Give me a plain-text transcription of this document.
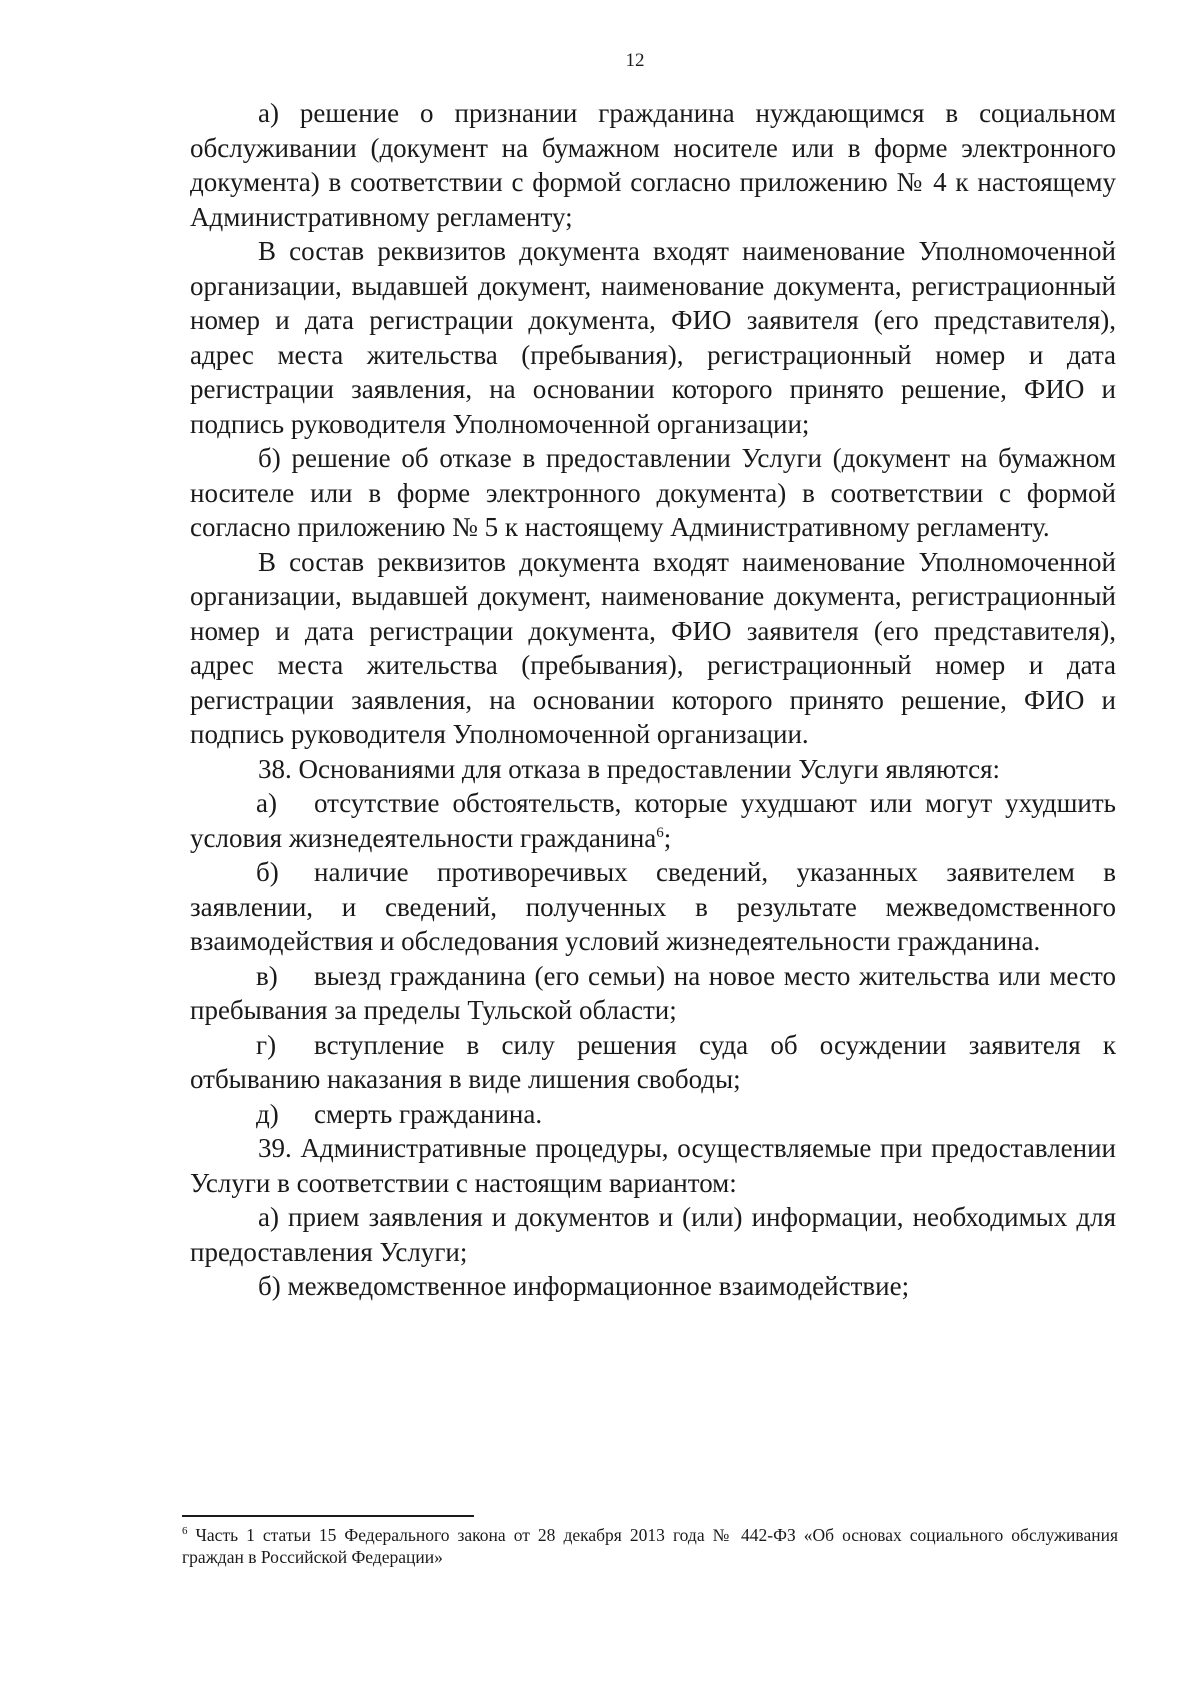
12

а) решение о признании гражданина нуждающимся в социальном обслуживании (документ на бумажном носителе или в форме электронного документа) в соответствии с формой согласно приложению № 4 к настоящему Административному регламенту;

В состав реквизитов документа входят наименование Уполномоченной организации, выдавшей документ, наименование документа, регистрационный номер и дата регистрации документа, ФИО заявителя (его представителя), адрес места жительства (пребывания), регистрационный номер и дата регистрации заявления, на основании которого принято решение, ФИО и подпись руководителя Уполномоченной организации;

б) решение об отказе в предоставлении Услуги (документ на бумажном носителе или в форме электронного документа) в соответствии с формой согласно приложению № 5 к настоящему Административному регламенту.

В состав реквизитов документа входят наименование Уполномоченной организации, выдавшей документ, наименование документа, регистрационный номер и дата регистрации документа, ФИО заявителя (его представителя), адрес места жительства (пребывания), регистрационный номер и дата регистрации заявления, на основании которого принято решение, ФИО и подпись руководителя Уполномоченной организации.

38. Основаниями для отказа в предоставлении Услуги являются:

а) отсутствие обстоятельств, которые ухудшают или могут ухудшить условия жизнедеятельности гражданина$^6$;

б) наличие противоречивых сведений, указанных заявителем в заявлении, и сведений, полученных в результате межведомственного взаимодействия и обследования условий жизнедеятельности гражданина.

в) выезд гражданина (его семьи) на новое место жительства или место пребывания за пределы Тульской области;

г) вступление в силу решения суда об осуждении заявителя к отбыванию наказания в виде лишения свободы;

д) смерть гражданина.

39. Административные процедуры, осуществляемые при предоставлении Услуги в соответствии с настоящим вариантом:

а) прием заявления и документов и (или) информации, необходимых для предоставления Услуги;

б) межведомственное информационное взаимодействие;

$^6$ Часть 1 статьи 15 Федерального закона от 28 декабря 2013 года № 442-ФЗ «Об основах социального обслуживания граждан в Российской Федерации»
